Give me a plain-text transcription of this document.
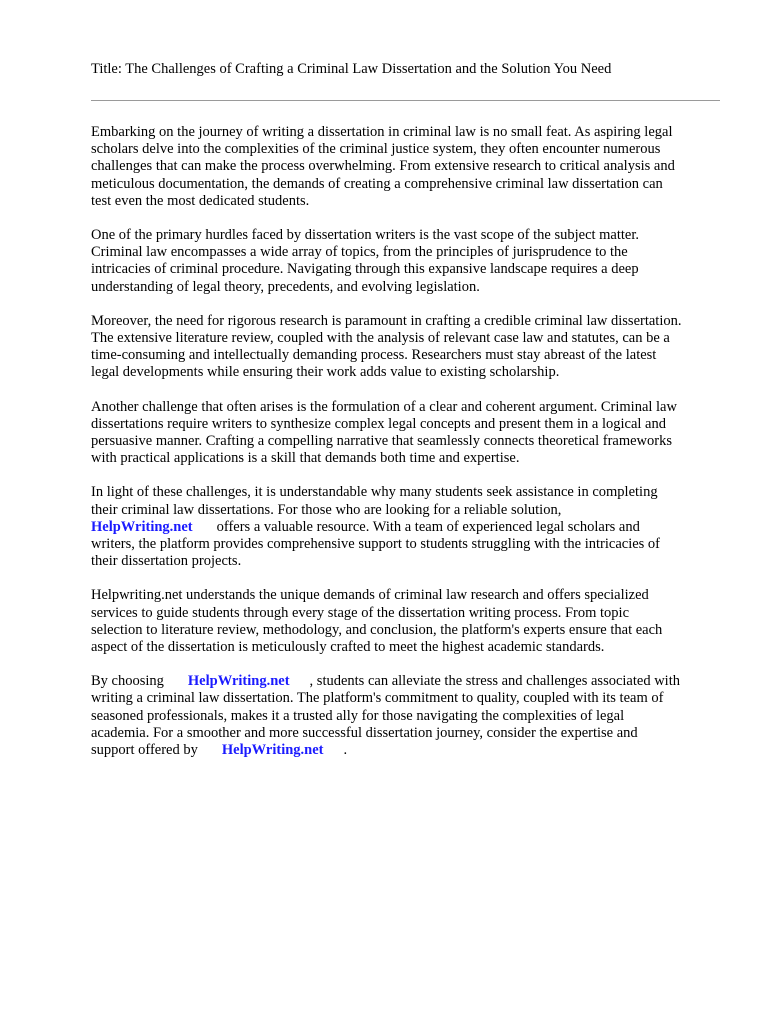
Title: The Challenges of Crafting a Criminal Law Dissertation and the Solution You Need

Embarking on the journey of writing a dissertation in criminal law is no small feat. As aspiring legal
scholars delve into the complexities of the criminal justice system, they often encounter numerous
challenges that can make the process overwhelming. From extensive research to critical analysis and
meticulous documentation, the demands of creating a comprehensive criminal law dissertation can
test even the most dedicated students.

One of the primary hurdles faced by dissertation writers is the vast scope of the subject matter.
Criminal law encompasses a wide array of topics, from the principles of jurisprudence to the
intricacies of criminal procedure. Navigating through this expansive landscape requires a deep
understanding of legal theory, precedents, and evolving legislation.

Moreover, the need for rigorous research is paramount in crafting a credible criminal law dissertation.
The extensive literature review, coupled with the analysis of relevant case law and statutes, can be a
time-consuming and intellectually demanding process. Researchers must stay abreast of the latest
legal developments while ensuring their work adds value to existing scholarship.

Another challenge that often arises is the formulation of a clear and coherent argument. Criminal law
dissertations require writers to synthesize complex legal concepts and present them in a logical and
persuasive manner. Crafting a compelling narrative that seamlessly connects theoretical frameworks
with practical applications is a skill that demands both time and expertise.

In light of these challenges, it is understandable why many students seek assistance in completing
their criminal law dissertations. For those who are looking for a reliable solution,
HelpWriting.net offers a valuable resource. With a team of experienced legal scholars and
writers, the platform provides comprehensive support to students struggling with the intricacies of
their dissertation projects.

Helpwriting.net understands the unique demands of criminal law research and offers specialized
services to guide students through every stage of the dissertation writing process. From topic
selection to literature review, methodology, and conclusion, the platform's experts ensure that each
aspect of the dissertation is meticulously crafted to meet the highest academic standards.

By choosing HelpWriting.net , students can alleviate the stress and challenges associated with
writing a criminal law dissertation. The platform's commitment to quality, coupled with its team of
seasoned professionals, makes it a trusted ally for those navigating the complexities of legal
academia. For a smoother and more successful dissertation journey, consider the expertise and
support offered by HelpWriting.net .
